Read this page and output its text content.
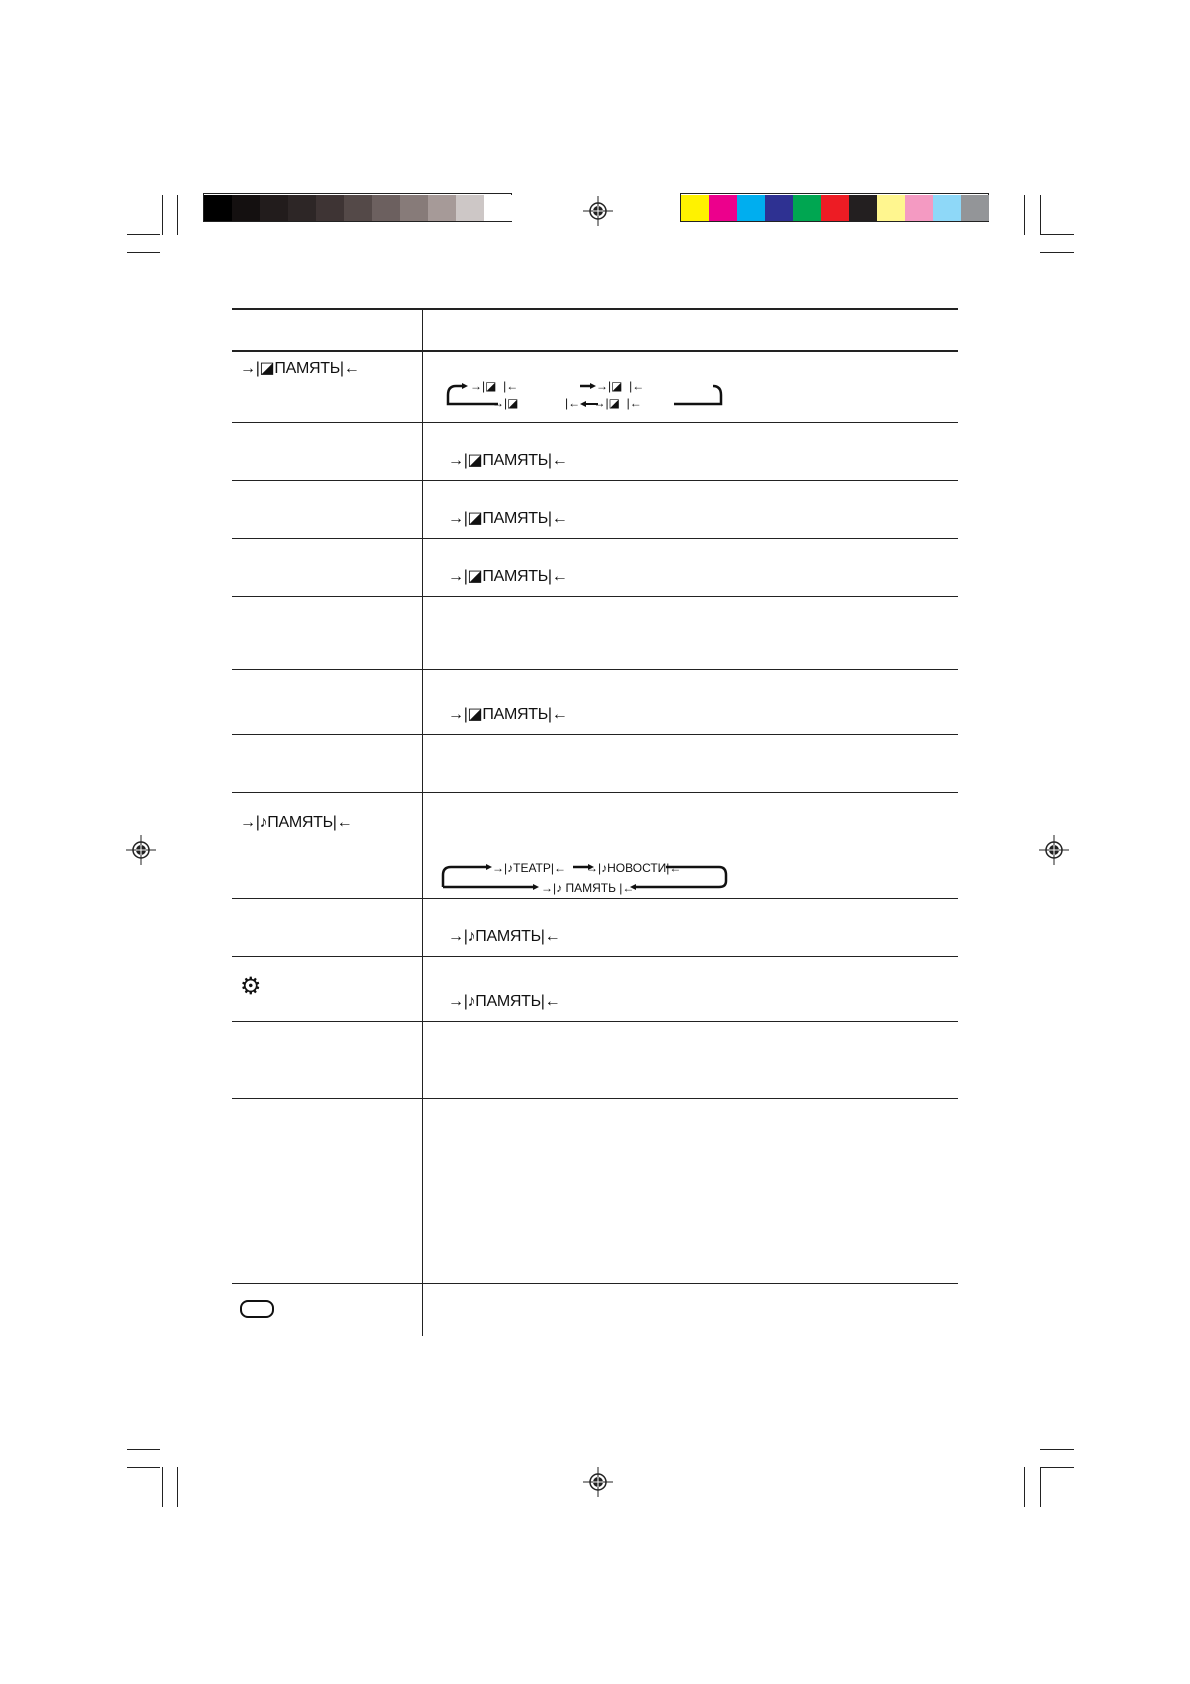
→|◪ПАМЯТЬ|←
→|◪  |←	→|◪  |←
→|◪	|←    →|◪  |←
→|◪ПАМЯТЬ|←
→|◪ПАМЯТЬ|←
→|◪ПАМЯТЬ|←
→|◪ПАМЯТЬ|←
→|♪ПАМЯТЬ|←
→|♪ТЕАТР|← →|♪НОВОСТИ|←
→|♪ ПАМЯТЬ |←
→|♪ПАМЯТЬ|←
⚙
→|♪ПАМЯТЬ|←
